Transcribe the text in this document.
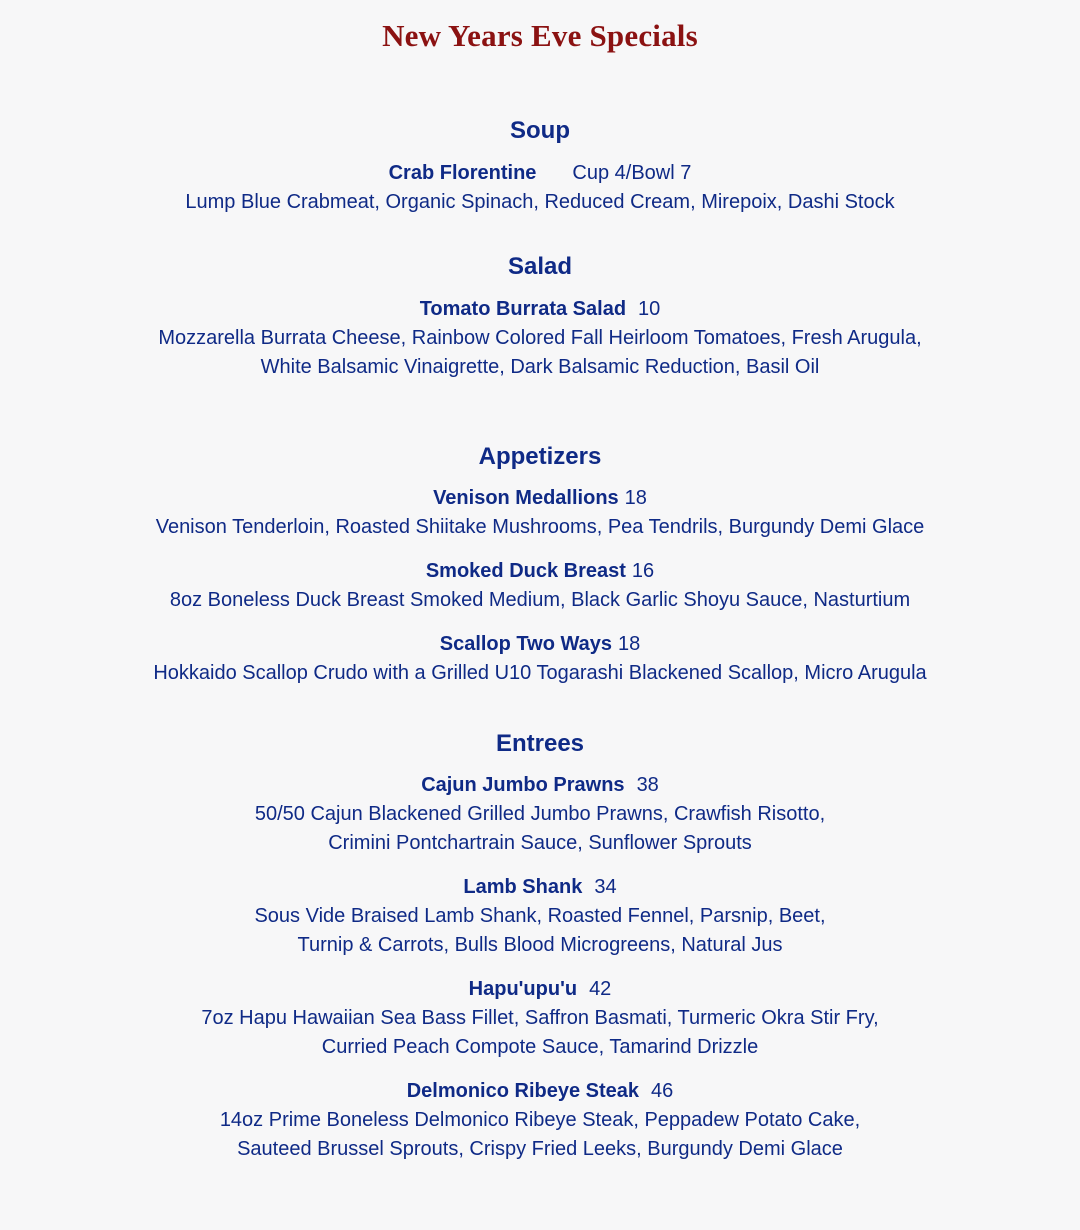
New Years Eve Specials
Soup
Crab Florentine Cup 4/Bowl 7
Lump Blue Crabmeat, Organic Spinach, Reduced Cream, Mirepoix, Dashi Stock
Salad
Tomato Burrata Salad 10
Mozzarella Burrata Cheese, Rainbow Colored Fall Heirloom Tomatoes, Fresh Arugula,
White Balsamic Vinaigrette, Dark Balsamic Reduction, Basil Oil
Appetizers
Venison Medallions 18
Venison Tenderloin, Roasted Shiitake Mushrooms, Pea Tendrils, Burgundy Demi Glace
Smoked Duck Breast 16
8oz Boneless Duck Breast Smoked Medium, Black Garlic Shoyu Sauce, Nasturtium
Scallop Two Ways 18
Hokkaido Scallop Crudo with a Grilled U10 Togarashi Blackened Scallop, Micro Arugula
Entrees
Cajun Jumbo Prawns 38
50/50 Cajun Blackened Grilled Jumbo Prawns, Crawfish Risotto,
Crimini Pontchartrain Sauce, Sunflower Sprouts
Lamb Shank 34
Sous Vide Braised Lamb Shank, Roasted Fennel, Parsnip, Beet,
Turnip & Carrots, Bulls Blood Microgreens, Natural Jus
Hapu'upu'u 42
7oz Hapu Hawaiian Sea Bass Fillet, Saffron Basmati, Turmeric Okra Stir Fry,
Curried Peach Compote Sauce, Tamarind Drizzle
Delmonico Ribeye Steak 46
14oz Prime Boneless Delmonico Ribeye Steak, Peppadew Potato Cake,
Sauteed Brussel Sprouts, Crispy Fried Leeks, Burgundy Demi Glace
